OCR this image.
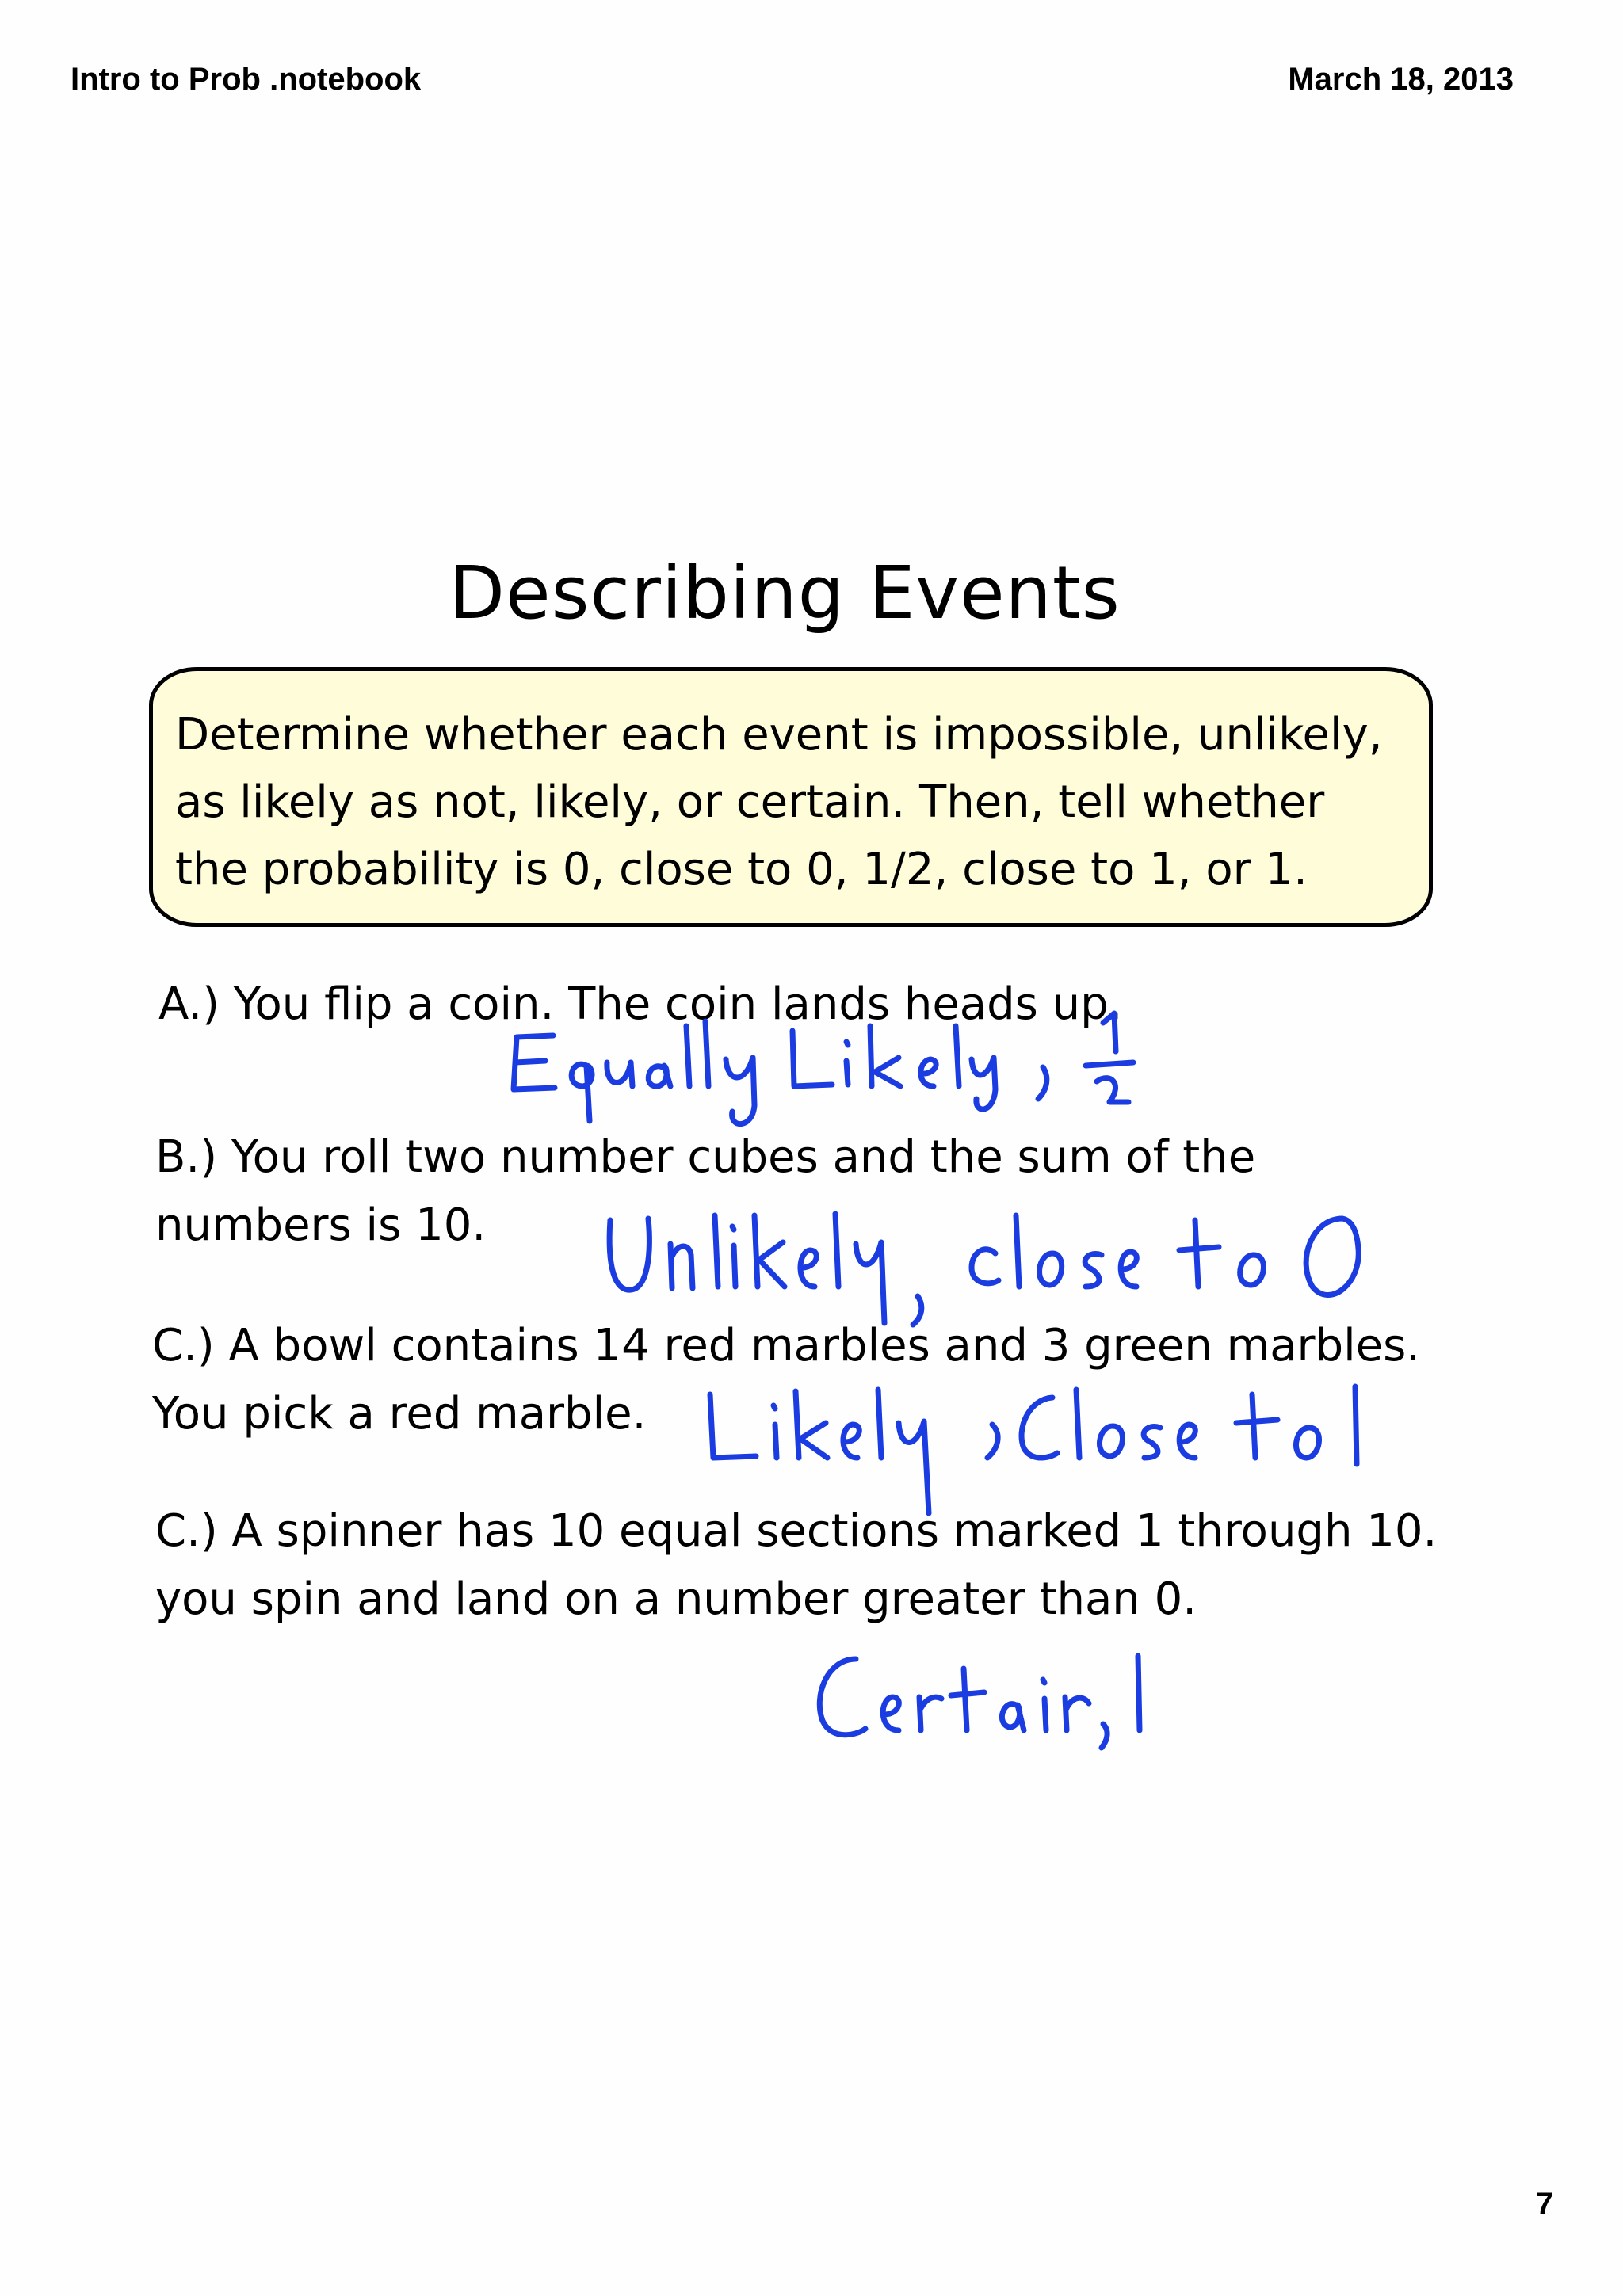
Intro to Prob .notebook	March 18, 2013
Describing Events

Determine whether each event is impossible, unlikely, as likely as not, likely, or certain. Then, tell whether the probability is 0, close to 0, 1/2, close to 1, or 1.

A.) You flip a coin. The coin lands heads up.

B.) You roll two number cubes and the sum of the numbers is 10.

C.) A bowl contains 14 red marbles and 3 green marbles. You pick a red marble.

C.) A spinner has 10 equal sections marked 1 through 10. you spin and land on a number greater than 0.

7
